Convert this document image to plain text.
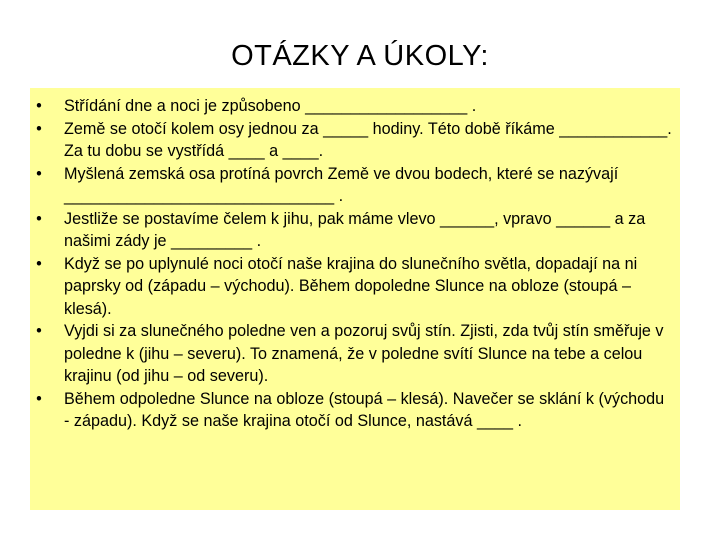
OTÁZKY A ÚKOLY:
• Střídání dne a noci je způsobeno __________________ .
• Země se otočí kolem osy jednou za _____ hodiny. Této době říkáme ____________. Za tu dobu se vystřídá ____ a ____.
• Myšlená zemská osa protíná povrch Země ve dvou bodech, které se nazývají ______________________________ .
• Jestliže se postavíme čelem k jihu, pak máme vlevo ______, vpravo ______ a za našimi zády je _________ .
• Když se po uplynulé noci otočí naše krajina do slunečního světla, dopadají na ni paprsky od (západu – východu). Během dopoledne Slunce na obloze (stoupá – klesá).
• Vyjdi si za slunečného poledne ven a pozoruj svůj stín. Zjisti, zda tvůj stín směřuje v poledne k (jihu – severu). To znamená, že v poledne svítí Slunce na tebe a celou krajinu (od jihu – od severu).
• Během odpoledne Slunce na obloze (stoupá – klesá). Navečer se sklání k (východu - západu). Když se naše krajina otočí od Slunce, nastává ____ .
